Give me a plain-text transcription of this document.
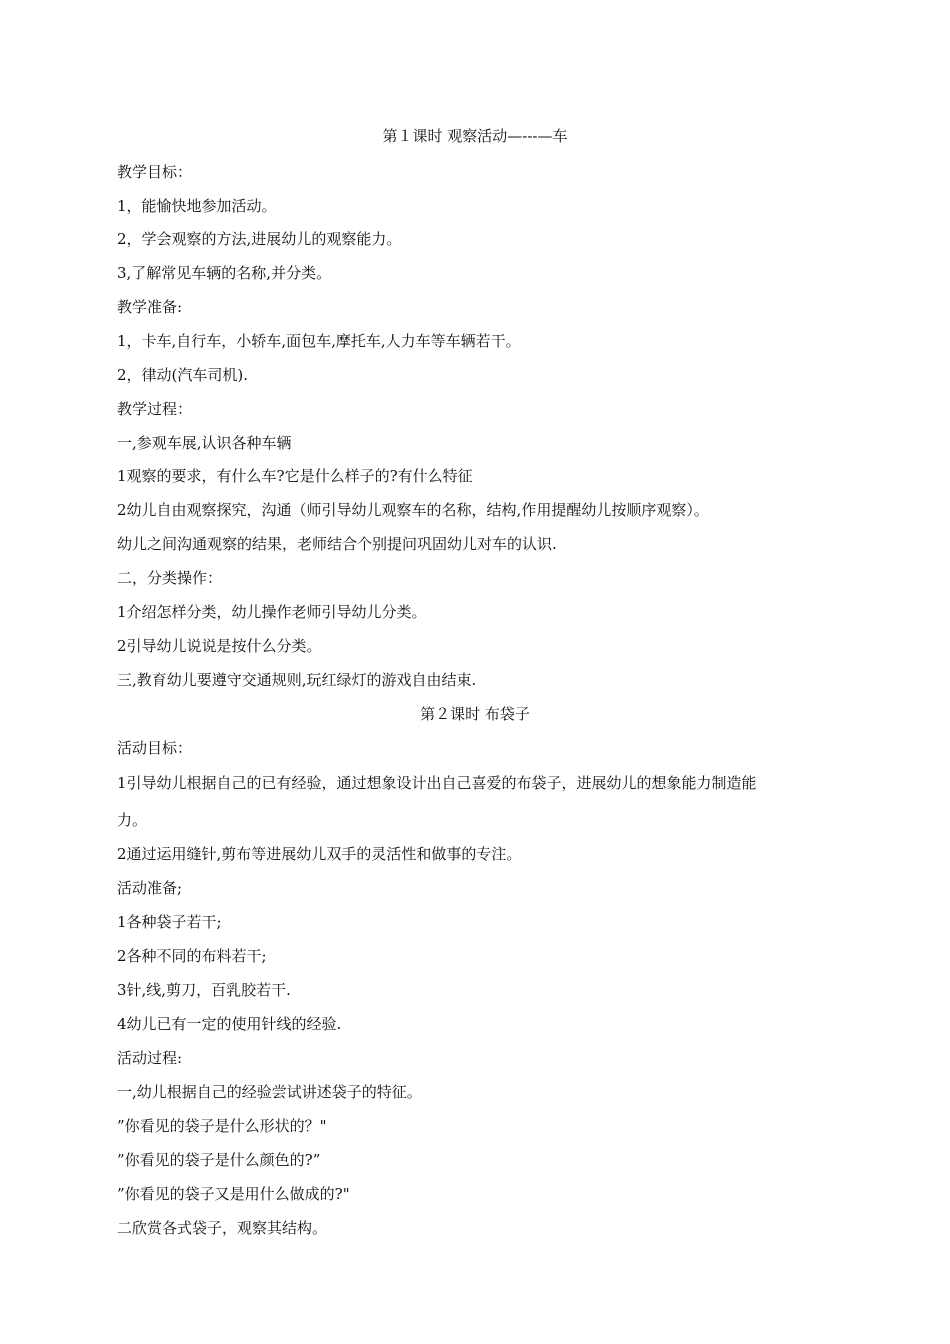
第１课时 观察活动—---—车
教学目标：
1，能愉快地参加活动。
2，学会观察的方法,进展幼儿的观察能力。
3,了解常见车辆的名称,并分类。
教学准备:
1，卡车,自行车，小轿车,面包车,摩托车,人力车等车辆若干。
2，律动(汽车司机).
教学过程：
一,参观车展,认识各种车辆
1观察的要求，有什么车?它是什么样子的?有什么特征
2幼儿自由观察探究，沟通（师引导幼儿观察车的名称，结构,作用提醒幼儿按顺序观察）。
幼儿之间沟通观察的结果，老师结合个别提问巩固幼儿对车的认识.
二，分类操作：
1介绍怎样分类，幼儿操作老师引导幼儿分类。
2引导幼儿说说是按什么分类。
三,教育幼儿要遵守交通规则,玩红绿灯的游戏自由结束.
第２课时 布袋子
活动目标：
1引导幼儿根据自己的已有经验，通过想象设计出自己喜爱的布袋子，进展幼儿的想象能力制造能
力。
2通过运用缝针,剪布等进展幼儿双手的灵活性和做事的专注。
活动准备;
1各种袋子若干;
2各种不同的布料若干;
3针,线,剪刀，百乳胶若干.
4幼儿已有一定的使用针线的经验.
活动过程:
一,幼儿根据自己的经验尝试讲述袋子的特征。
”你看见的袋子是什么形状的？"
”你看见的袋子是什么颜色的?”
”你看见的袋子又是用什么做成的?"
二欣赏各式袋子，观察其结构。
